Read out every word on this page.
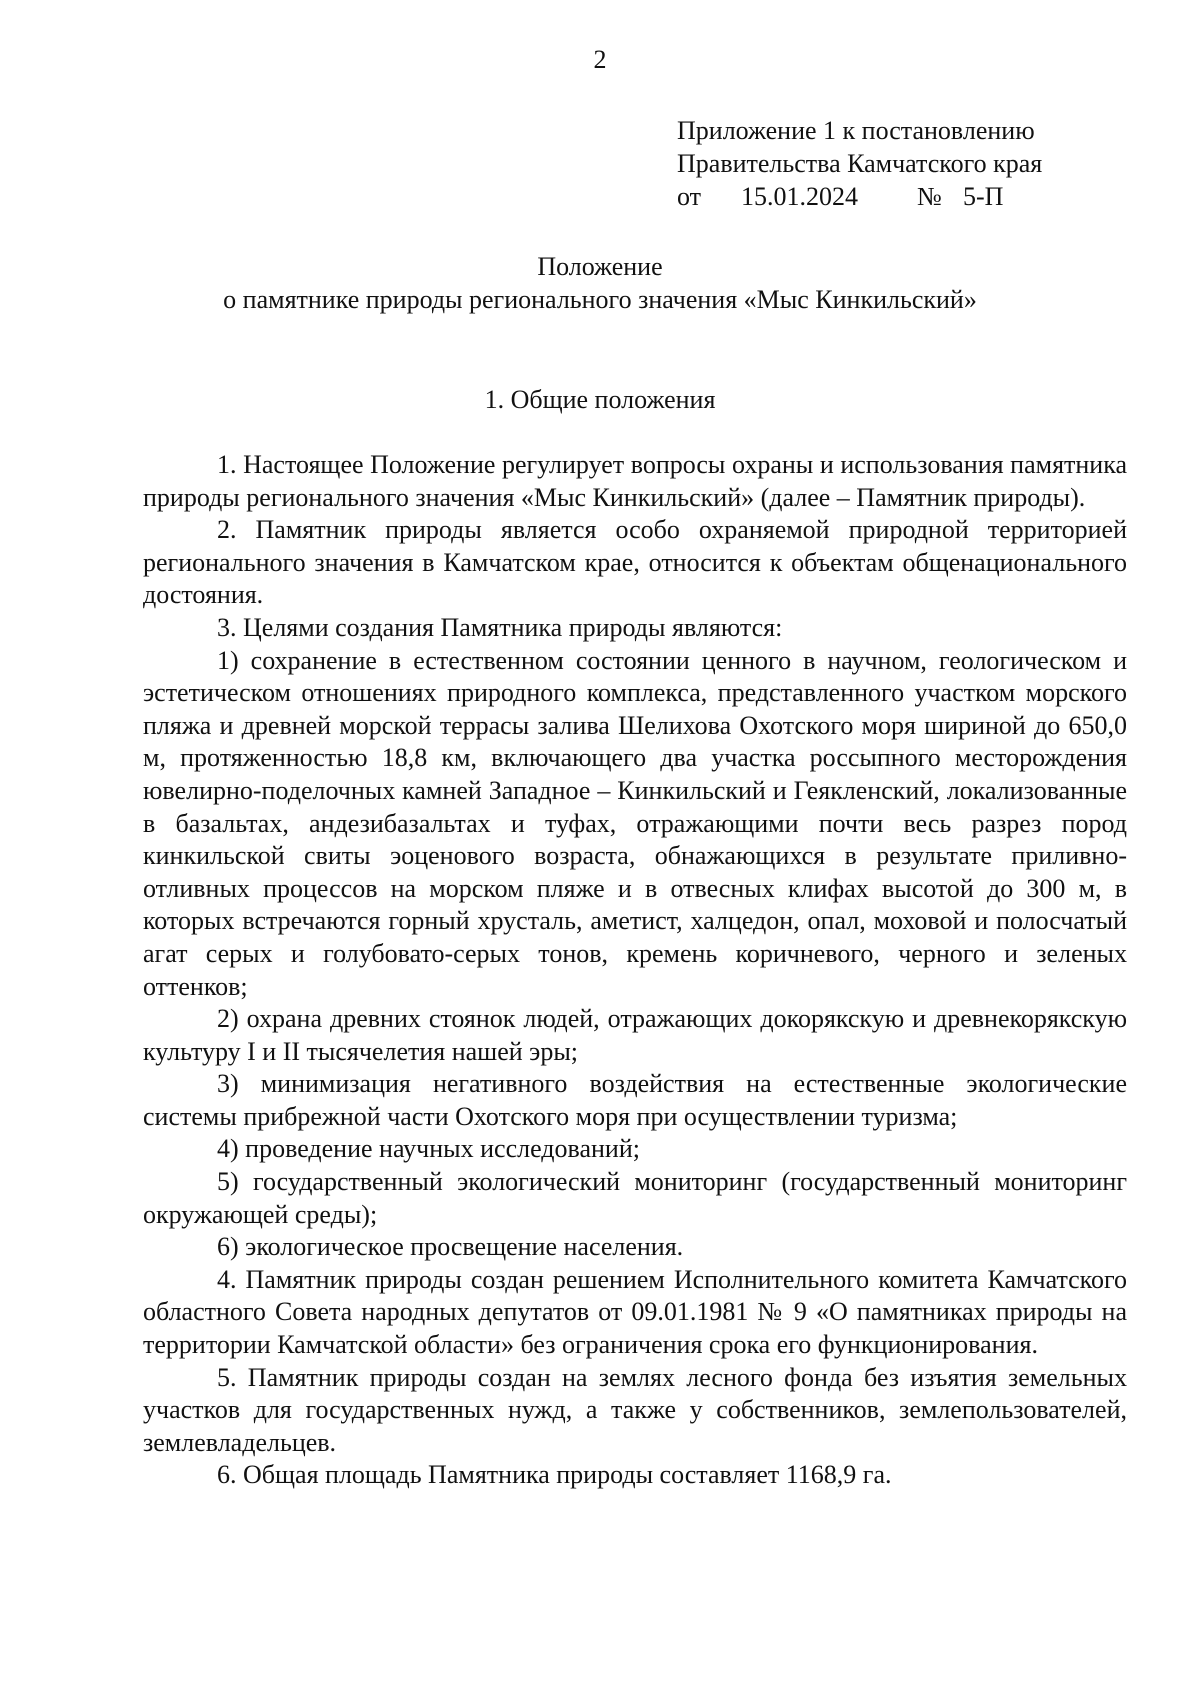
2
Приложение 1 к постановлению
Правительства Камчатского края
от 15.01.2024 № 5-П
Положение
о памятнике природы регионального значения «Мыс Кинкильский»
1. Общие положения

1. Настоящее Положение регулирует вопросы охраны и использования памятника природы регионального значения «Мыс Кинкильский» (далее – Памятник природы).

2. Памятник природы является особо охраняемой природной территорией регионального значения в Камчатском крае, относится к объектам общенационального достояния.

3. Целями создания Памятника природы являются:

1) сохранение в естественном состоянии ценного в научном, геологическом и эстетическом отношениях природного комплекса, представленного участком морского пляжа и древней морской террасы залива Шелихова Охотского моря шириной до 650,0 м, протяженностью 18,8 км, включающего два участка россыпного месторождения ювелирно-поделочных камней Западное – Кинкильский и Геякленский, локализованные в базальтах, андезибазальтах и туфах, отражающими почти весь разрез пород кинкильской свиты эоценового возраста, обнажающихся в результате приливно-отливных процессов на морском пляже и в отвесных клифах высотой до 300 м, в которых встречаются горный хрусталь, аметист, халцедон, опал, моховой и полосчатый агат серых и голубовато-серых тонов, кремень коричневого, черного и зеленых оттенков;

2) охрана древних стоянок людей, отражающих докорякскую и древнекорякскую культуру I и II тысячелетия нашей эры;

3) минимизация негативного воздействия на естественные экологические системы прибрежной части Охотского моря при осуществлении туризма;

4) проведение научных исследований;

5) государственный экологический мониторинг (государственный мониторинг окружающей среды);

6) экологическое просвещение населения.

4. Памятник природы создан решением Исполнительного комитета Камчатского областного Совета народных депутатов от 09.01.1981 № 9 «О памятниках природы на территории Камчатской области» без ограничения срока его функционирования.

5. Памятник природы создан на землях лесного фонда без изъятия земельных участков для государственных нужд, а также у собственников, землепользователей, землевладельцев.

6. Общая площадь Памятника природы составляет 1168,9 га.
